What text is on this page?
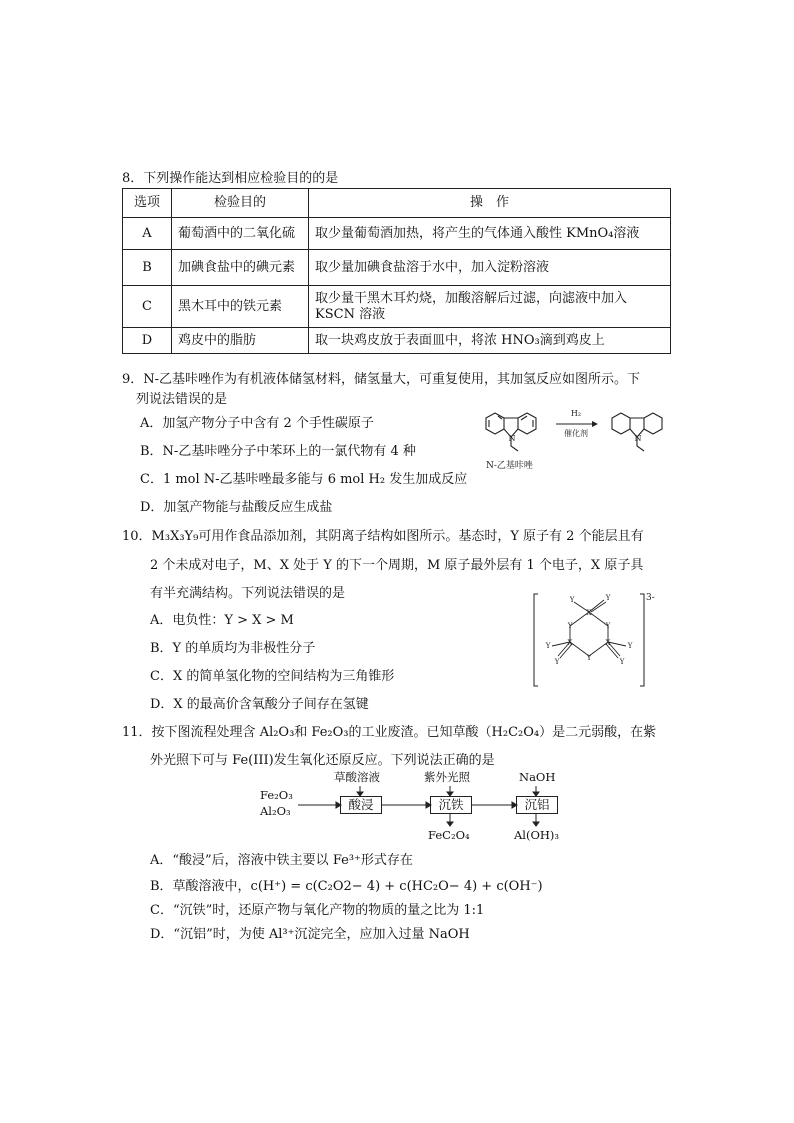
8．下列操作能达到相应检验目的的是
选项	检验目的	操　作
A	葡萄酒中的二氧化硫	取少量葡萄酒加热，将产生的气体通入酸性 KMnO₄溶液
B	加碘食盐中的碘元素	取少量加碘食盐溶于水中，加入淀粉溶液
C	黑木耳中的铁元素	取少量干黑木耳灼烧，加酸溶解后过滤，向滤液中加入 KSCN 溶液
D	鸡皮中的脂肪	取一块鸡皮放于表面皿中，将浓 HNO₃滴到鸡皮上
9．N-乙基咔唑作为有机液体储氢材料，储氢量大，可重复使用，其加氢反应如图所示。下
列说法错误的是
A．加氢产物分子中含有 2 个手性碳原子
B．N-乙基咔唑分子中苯环上的一氯代物有 4 种
C．1 mol N-乙基咔唑最多能与 6 mol H₂ 发生加成反应
D．加氢产物能与盐酸反应生成盐
N
N-乙基咔唑
H₂
催化剂
N
10．M₃X₃Y₉可用作食品添加剂，其阴离子结构如图所示。基态时，Y 原子有 2 个能层且有
2 个未成对电子，M、X 处于 Y 的下一个周期，M 原子最外层有 1 个电子，X 原子具
有半充满结构。下列说法错误的是
A．电负性：Y > X > M
B．Y 的单质均为非极性分子
C．X 的简单氢化物的空间结构为三角锥形
D．X 的最高价含氧酸分子间存在氢键
3-
X
X	X
Y	Y
Y
Y	Y
Y
Y
Y
Y
11．按下图流程处理含 Al₂O₃和 Fe₂O₃的工业废渣。已知草酸（H₂C₂O₄）是二元弱酸，在紫
外光照下可与 Fe(III)发生氧化还原反应。下列说法正确的是
Fe₂O₃
Al₂O₃
草酸溶液	紫外光照	NaOH
酸浸	沉铁	沉铝
FeC₂O₄	Al(OH)₃
A．“酸浸”后，溶液中铁主要以 Fe³⁺形式存在
B．草酸溶液中，c(H⁺) = c(C₂O2− 4) + c(HC₂O− 4) + c(OH⁻)
C．“沉铁”时，还原产物与氧化产物的物质的量之比为 1:1
D．“沉铝”时，为使 Al³⁺沉淀完全，应加入过量 NaOH
